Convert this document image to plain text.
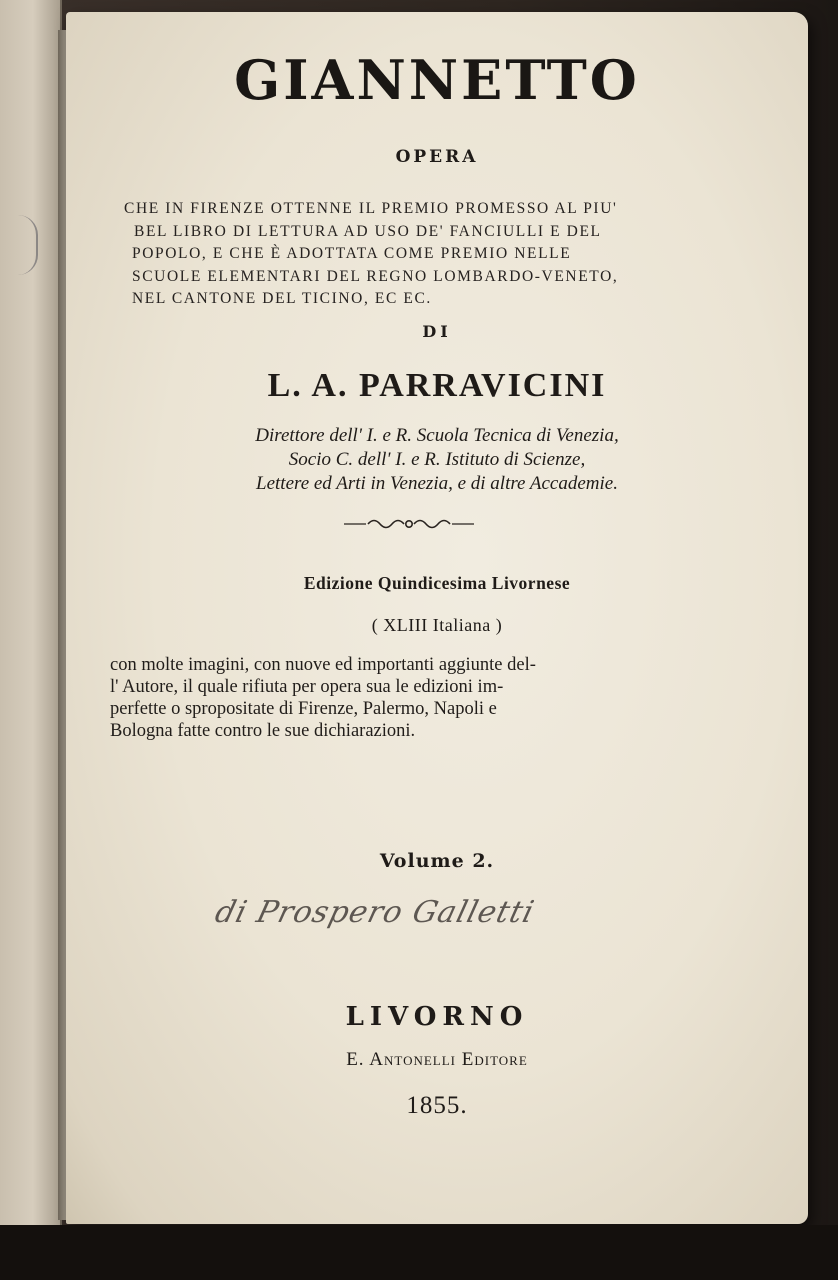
GIANNETTO
OPERA
CHE IN FIRENZE OTTENNE IL PREMIO PROMESSO AL PIU'
BEL LIBRO DI LETTURA AD USO DE' FANCIULLI E DEL
POPOLO, E CHE È ADOTTATA COME PREMIO NELLE
SCUOLE ELEMENTARI DEL REGNO LOMBARDO-VENETO,
NEL CANTONE DEL TICINO, EC EC.
DI
L. A. PARRAVICINI
Direttore dell' I. e R. Scuola Tecnica di Venezia,
Socio C. dell' I. e R. Istituto di Scienze,
Lettere ed Arti in Venezia, e di altre Accademie.
Edizione Quindicesima Livornese
( XLIII Italiana )
con molte imagini, con nuove ed importanti aggiunte del-
l' Autore, il quale rifiuta per opera sua le edizioni im-
perfette o spropositate di Firenze, Palermo, Napoli e
Bologna fatte contro le sue dichiarazioni.
Volume 2.
di Prospero Galletti
LIVORNO
E. Antonelli Editore
1855.
